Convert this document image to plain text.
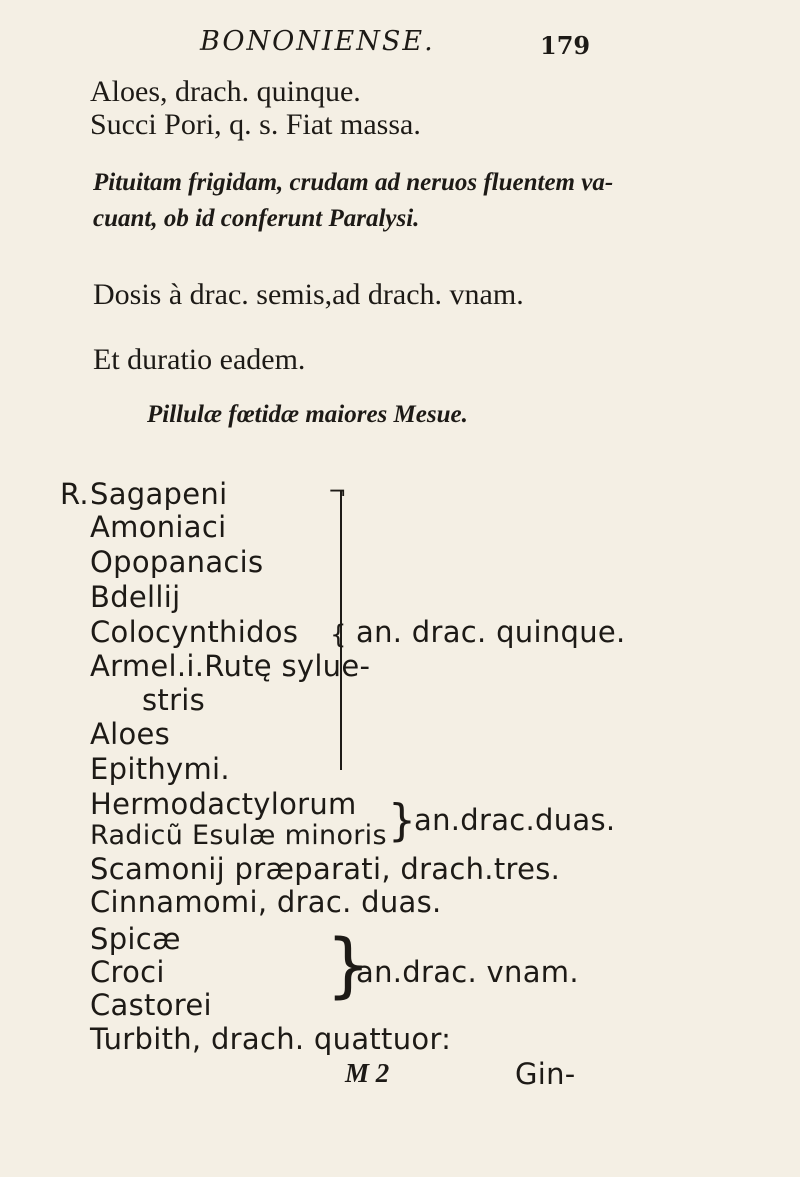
BONONIENSE.	179
Aloes, drach. quinque.
Succi Pori, q. s. Fiat massa.
Pituitam frigidam, crudam ad neruos fluentem va-
cuant, ob id conferunt Paralysi.
Dosis à drac. semis,ad drach. vnam.
Et duratio eadem.
Pillulæ fœtidæ maiores Mesue.
R. Sagapeni
Amoniaci
Opopanacis
Bdellij
Colocynthidos
Armel.i.Rutę sylue-
stris
Aloes
Epithymi.
¬
{ an. drac. quinque.
Hermodactylorum
Radicũ Esulæ minoris }
an.drac.duas.
Scamonij præparati, drach.tres.
Cinnamomi, drac. duas.
Spicæ
Croci
Castorei }
an.drac. vnam.
Turbith, drach. quattuor:
M 2	Gin-
